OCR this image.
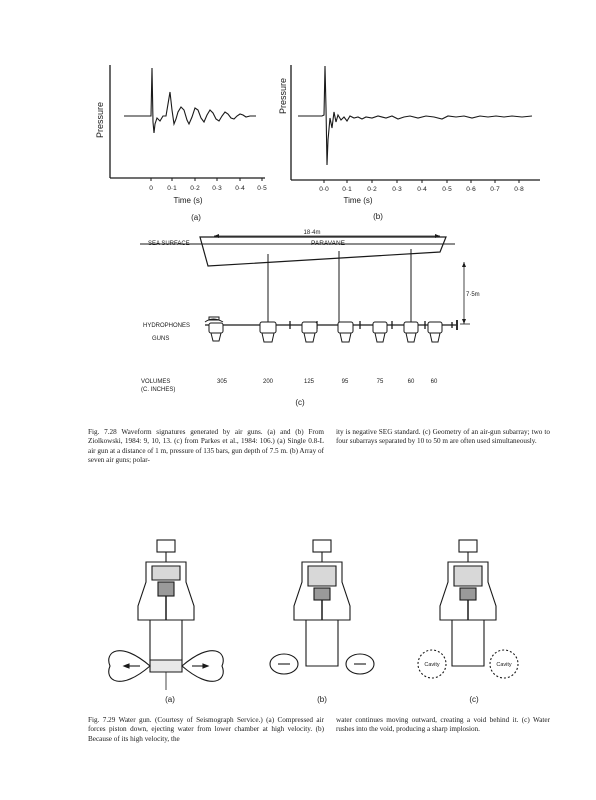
Pressure
0 0·1 0·2 0·3 0·4 0·5
Time (s)
(a)
Pressure
0·0 0·1 0·2 0·3 0·4 0·5 0·6 0·7 0·8
Time (s)
(b)
SEA SURFACE	PARAVANE
18·4m
7·5m
HYDROPHONES
GUNS
VOLUMES
(C. INCHES)
305	200	125	95	75	60	60
(c)
Cavity	Cavity
(a)	(b)	(c)
Fig. 7.28 Waveform signatures generated by air guns. (a) and (b) From Ziolkowski, 1984: 9, 10, 13. (c) from Parkes et al., 1984: 106.) (a) Single 0.8-L air gun at a distance of 1 m, pressure of 135 bars, gun depth of 7.5 m. (b) Array of seven air guns; polar-
ity is negative SEG standard. (c) Geometry of an air-gun subarray; two to four subarrays separated by 10 to 50 m are often used simultaneously.
Fig. 7.29 Water gun. (Courtesy of Seismograph Service.) (a) Compressed air forces piston down, ejecting water from lower chamber at high velocity. (b) Because of its high velocity, the
water continues moving outward, creating a void behind it. (c) Water rushes into the void, producing a sharp implosion.
